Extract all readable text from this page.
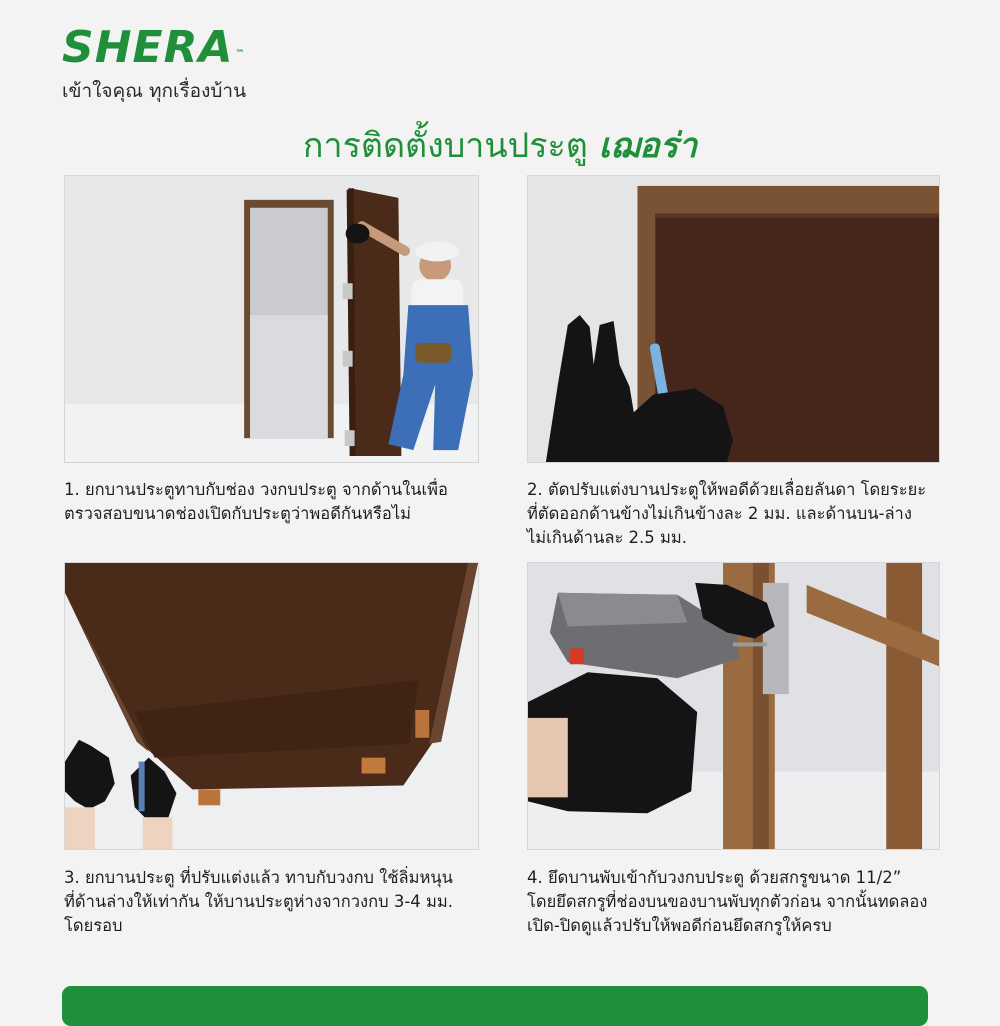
SHERA ™
เข้าใจคุณ ทุกเรื่องบ้าน
การติดตั้งบานประตู เฌอร่า
1. ยกบานประตูทาบกับช่อง วงกบประตู จากด้านในเพื่อ
ตรวจสอบขนาดช่องเปิดกับประตูว่าพอดีกันหรือไม่
2. ตัดปรับแต่งบานประตูให้พอดีด้วยเลื่อยลันดา โดยระยะ
ที่ตัดออกด้านข้างไม่เกินข้างละ 2 มม. และด้านบน-ล่าง
ไม่เกินด้านละ 2.5 มม.
3. ยกบานประตู ที่ปรับแต่งแล้ว ทาบกับวงกบ ใช้ลิ่มหนุน
ที่ด้านล่างให้เท่ากัน ให้บานประตูห่างจากวงกบ 3-4 มม.
โดยรอบ
4. ยึดบานพับเข้ากับวงกบประตู ด้วยสกรูขนาด 11/2”
โดยยึดสกรูที่ช่องบนของบานพับทุกตัวก่อน จากนั้นทดลอง
เปิด-ปิดดูแล้วปรับให้พอดีก่อนยึดสกรูให้ครบ
